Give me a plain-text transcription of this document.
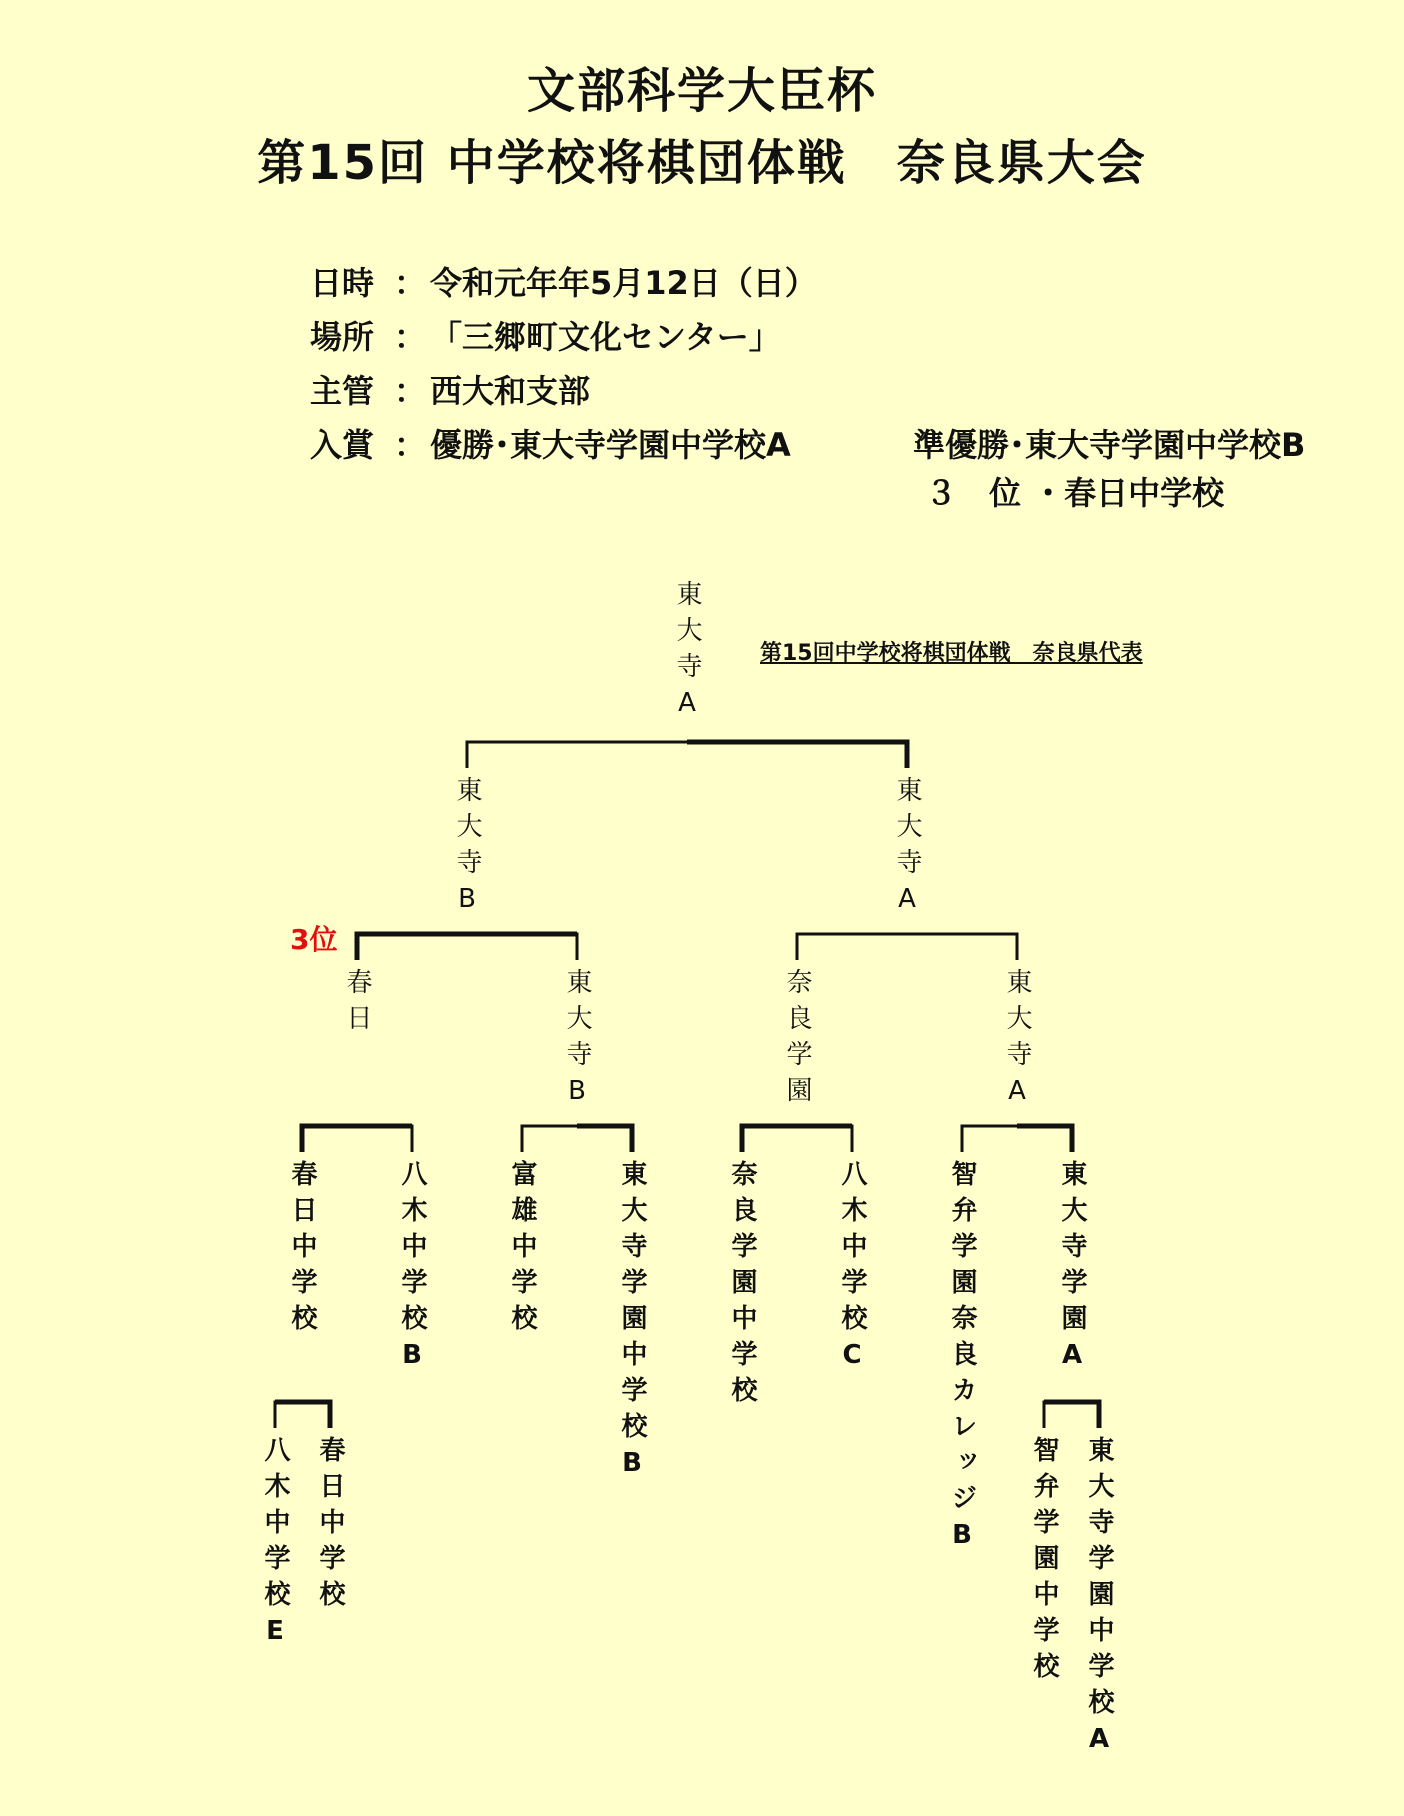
文部科学大臣杯
第15回 中学校将棋団体戦　奈良県大会
日時 ： 令和元年年5月12日（日）
場所 ： 「三郷町文化センター」
主管 ： 西大和支部
入賞 ： 優勝･東大寺学園中学校A	準優勝･東大寺学園中学校B
３　位 ・春日中学校
第15回中学校将棋団体戦　奈良県代表
3位
東大寺A
東大寺B	東大寺A
春日	東大寺B	奈良学園	東大寺A
春日中学校	八木中学校B	富雄中学校	東大寺学園中学校B	奈良学園中学校	八木中学校C	智弁学園奈良カレッジB	東大寺学園A
八木中学校E 春日中学校	智弁学園中学校 東大寺学園中学校A
